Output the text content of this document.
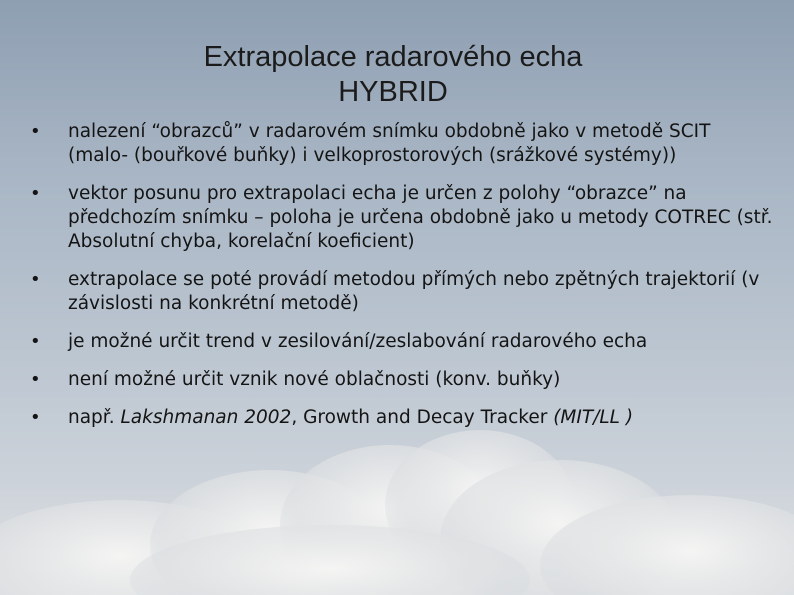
Extrapolace radarového echa
HYBRID
• nalezení “obrazců” v radarovém snímku obdobně jako v metodě SCIT (malo- (bouřkové buňky) i velkoprostorových (srážkové systémy))
• vektor posunu pro extrapolaci echa je určen z polohy “obrazce” na předchozím snímku – poloha je určena obdobně jako u metody COTREC (stř. Absolutní chyba, korelační koeficient)
• extrapolace se poté provádí metodou přímých nebo zpětných trajektorií (v závislosti na konkrétní metodě)
• je možné určit trend v zesilování/zeslabování radarového echa
• není možné určit vznik nové oblačnosti (konv. buňky)
• např. Lakshmanan 2002, Growth and Decay Tracker (MIT/LL )
